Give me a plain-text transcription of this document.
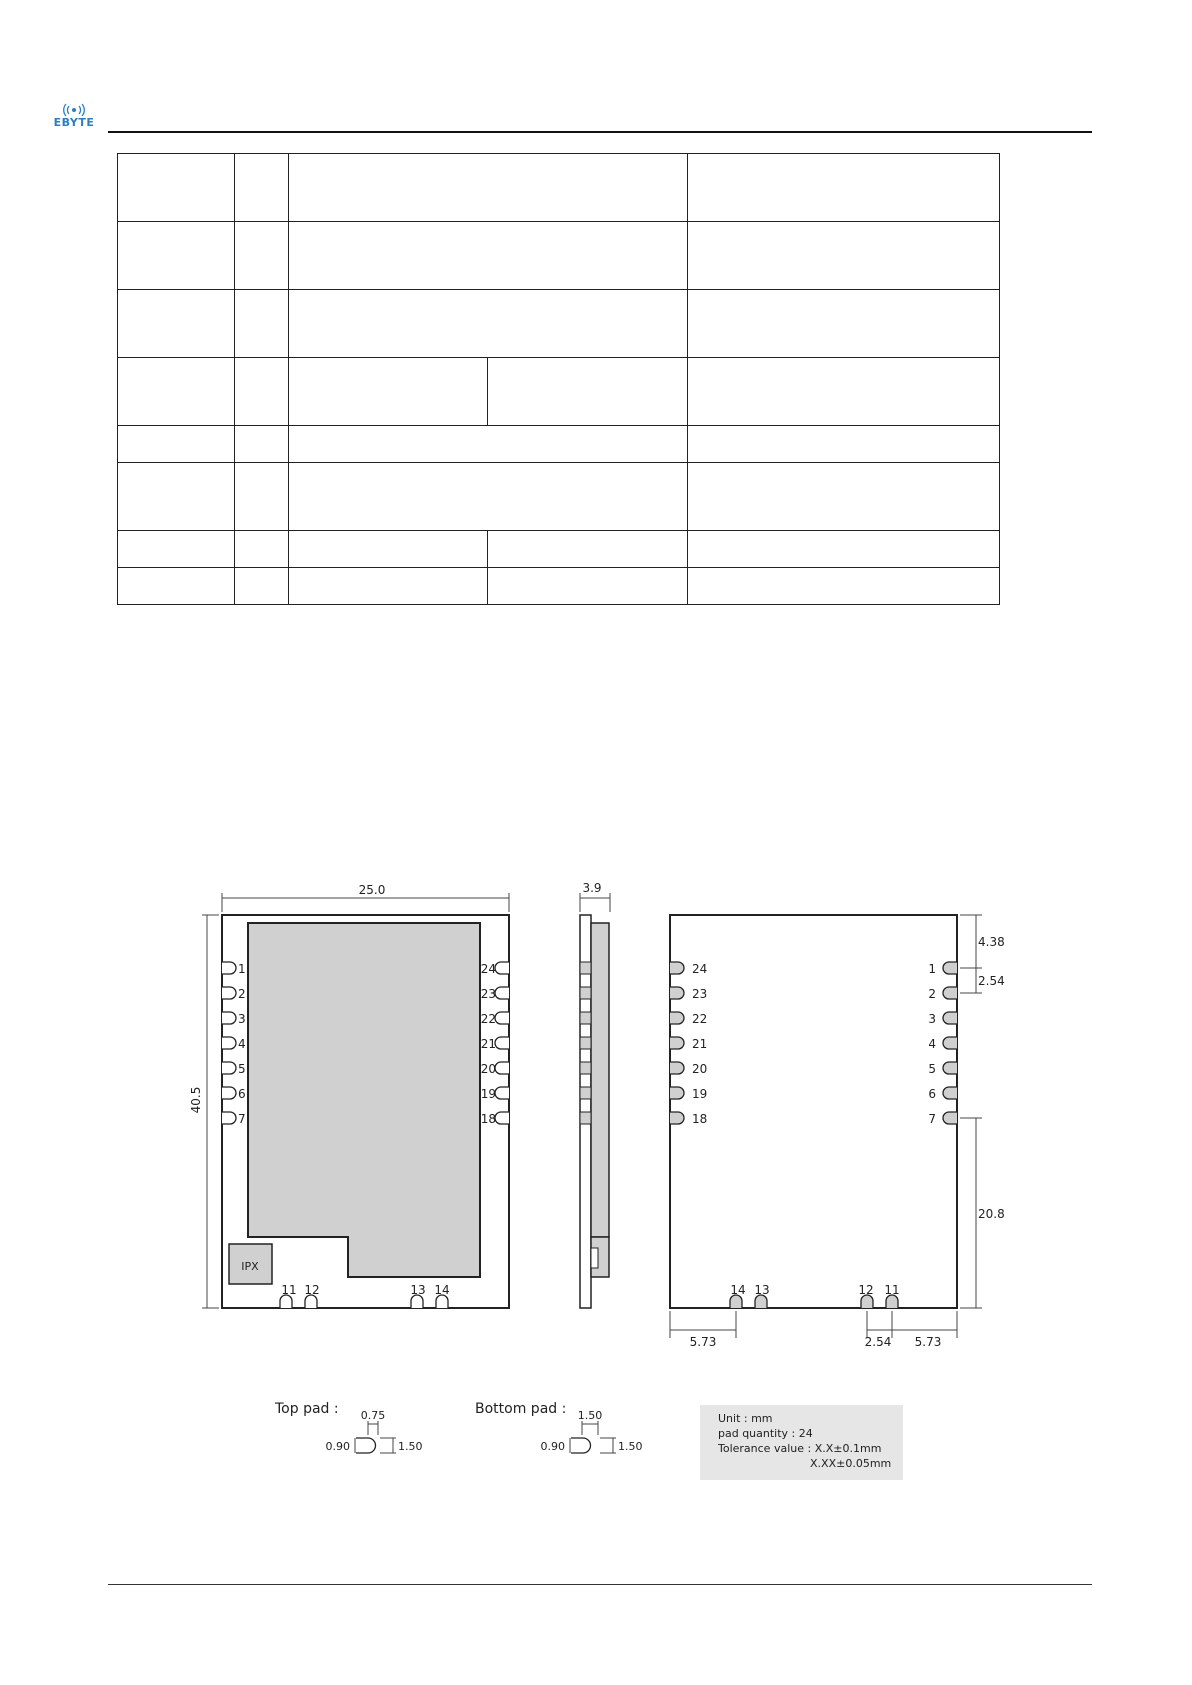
EBYTE

IPX
25.0
40.5
1
2
3
4
5
6
7
24
23
22
21
20
19
18
11 12	13 14
3.9
24
23
22
21
20
19
18
1
2
3
4
5
6
7
14 13	12 11
4.38
2.54
20.8
5.73	2.54 5.73
Top pad : 0.75
0.90	1.50
Bottom pad : 1.50
0.90	1.50
Unit : mm
pad quantity : 24
Tolerance value : X.X±0.1mm
X.XX±0.05mm
